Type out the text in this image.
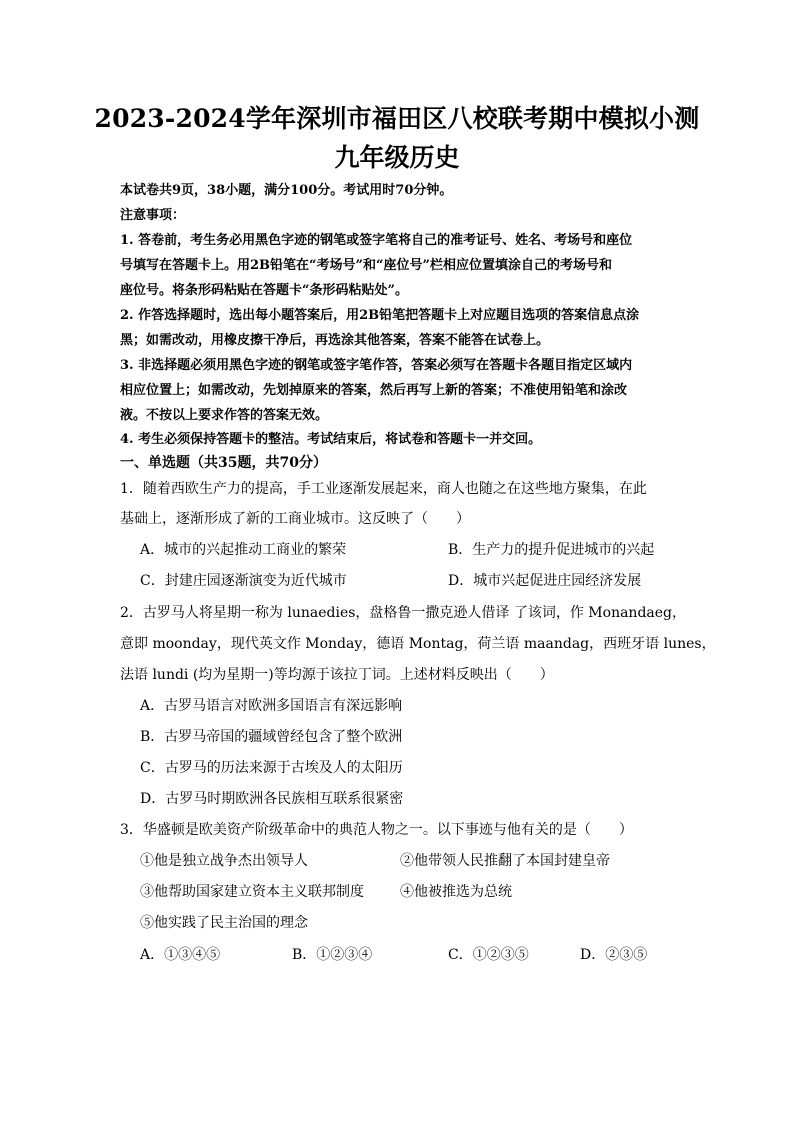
2023-2024学年深圳市福田区八校联考期中模拟小测
九年级历史
本试卷共9页，38小题，满分100分。考试用时70分钟。
注意事项：
1. 答卷前，考生务必用黑色字迹的钢笔或签字笔将自己的准考证号、姓名、考场号和座位
号填写在答题卡上。用2B铅笔在“考场号”和“座位号”栏相应位置填涂自己的考场号和
座位号。将条形码粘贴在答题卡“条形码粘贴处”。
2. 作答选择题时，选出每小题答案后，用2B铅笔把答题卡上对应题目选项的答案信息点涂
黑；如需改动，用橡皮擦干净后，再选涂其他答案，答案不能答在试卷上。
3. 非选择题必须用黑色字迹的钢笔或签字笔作答，答案必须写在答题卡各题目指定区域内
相应位置上；如需改动，先划掉原来的答案，然后再写上新的答案；不准使用铅笔和涂改
液。不按以上要求作答的答案无效。
4. 考生必须保持答题卡的整洁。考试结束后，将试卷和答题卡一并交回。
一、单选题（共35题，共70分）
1．随着西欧生产力的提高，手工业逐渐发展起来，商人也随之在这些地方聚集，在此
基础上，逐渐形成了新的工商业城市。这反映了（　　）
A．城市的兴起推动工商业的繁荣	B．生产力的提升促进城市的兴起
C．封建庄园逐渐演变为近代城市	D．城市兴起促进庄园经济发展
2．古罗马人将星期一称为 lunaedies，盘格鲁一撒克逊人借译 了该词，作 Monandaeg，
意即 moonday，现代英文作 Monday，德语 Montag，荷兰语 maandag，西班牙语 lunes，
法语 lundi (均为星期一)等均源于该拉丁词。上述材料反映出（　　）
A．古罗马语言对欧洲多国语言有深远影响
B．古罗马帝国的疆域曾经包含了整个欧洲
C．古罗马的历法来源于古埃及人的太阳历
D．古罗马时期欧洲各民族相互联系很紧密
3．华盛顿是欧美资产阶级革命中的典范人物之一。以下事迹与他有关的是（　　）
①他是独立战争杰出领导人	②他带领人民推翻了本国封建皇帝
③他帮助国家建立资本主义联邦制度	④他被推选为总统
⑤他实践了民主治国的理念
A．①③④⑤	B．①②③④	C．①②③⑤	D．②③⑤
